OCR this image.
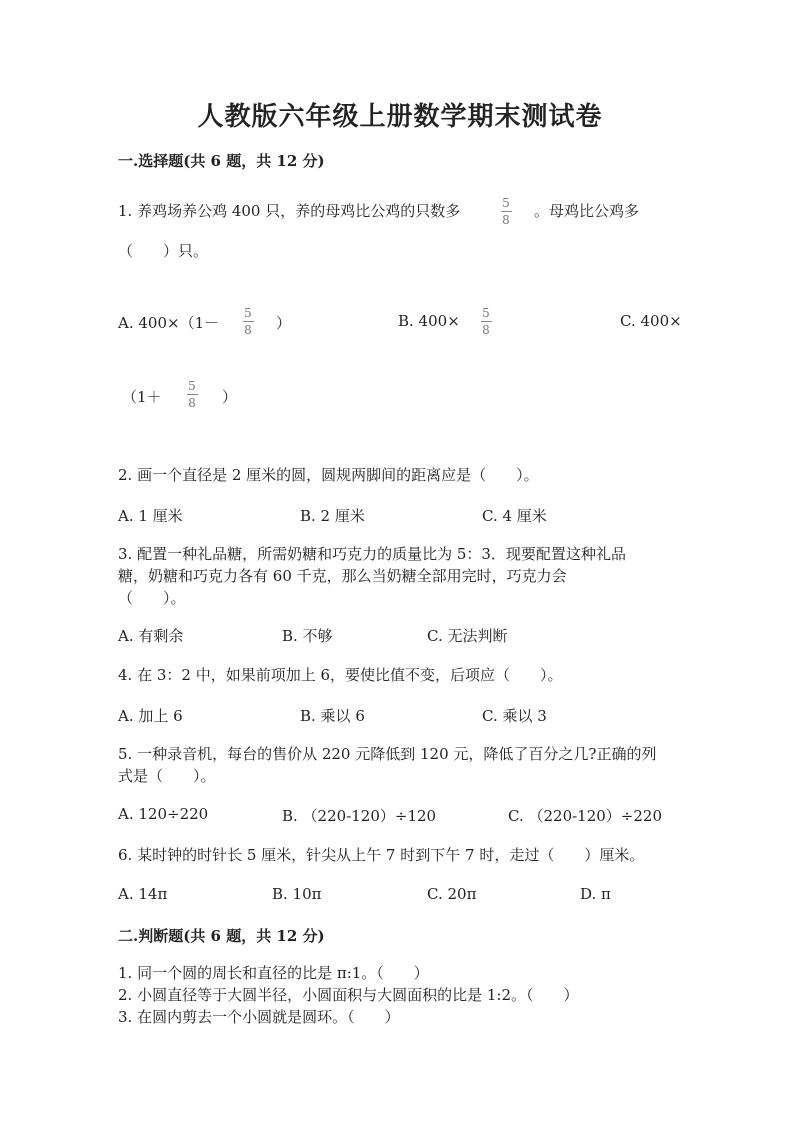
人教版六年级上册数学期末测试卷
一.选择题(共 6 题，共 12 分)
1. 养鸡场养公鸡 400 只，养的母鸡比公鸡的只数多	5
8 。母鸡比公鸡多
（　　）只。
A. 400×（1－
5
8 ）	B. 400× 5
8	C. 400×
（1＋
5
8 ）
2. 画一个直径是 2 厘米的圆，圆规两脚间的距离应是（　　）。
A. 1 厘米	B. 2 厘米	C. 4 厘米
3. 配置一种礼品糖，所需奶糖和巧克力的质量比为 5：3．现要配置这种礼品
糖，奶糖和巧克力各有 60 千克，那么当奶糖全部用完时，巧克力会
（　　）。
A. 有剩余	B. 不够	C. 无法判断
4. 在 3：2 中，如果前项加上 6，要使比值不变，后项应（　　）。
A. 加上 6	B. 乘以 6	C. 乘以 3
5. 一种录音机，每台的售价从 220 元降低到 120 元，降低了百分之几?正确的列
式是（　　）。
A. 120÷220	B. （220-120）÷120	C. （220-120）÷220
6. 某时钟的时针长 5 厘米，针尖从上午 7 时到下午 7 时，走过（　　）厘米。
A. 14π	B. 10π	C. 20π	D. π
二.判断题(共 6 题，共 12 分)
1. 同一个圆的周长和直径的比是 π:1。（　　）
2. 小圆直径等于大圆半径，小圆面积与大圆面积的比是 1:2。（　　）
3. 在圆内剪去一个小圆就是圆环。（　　）
